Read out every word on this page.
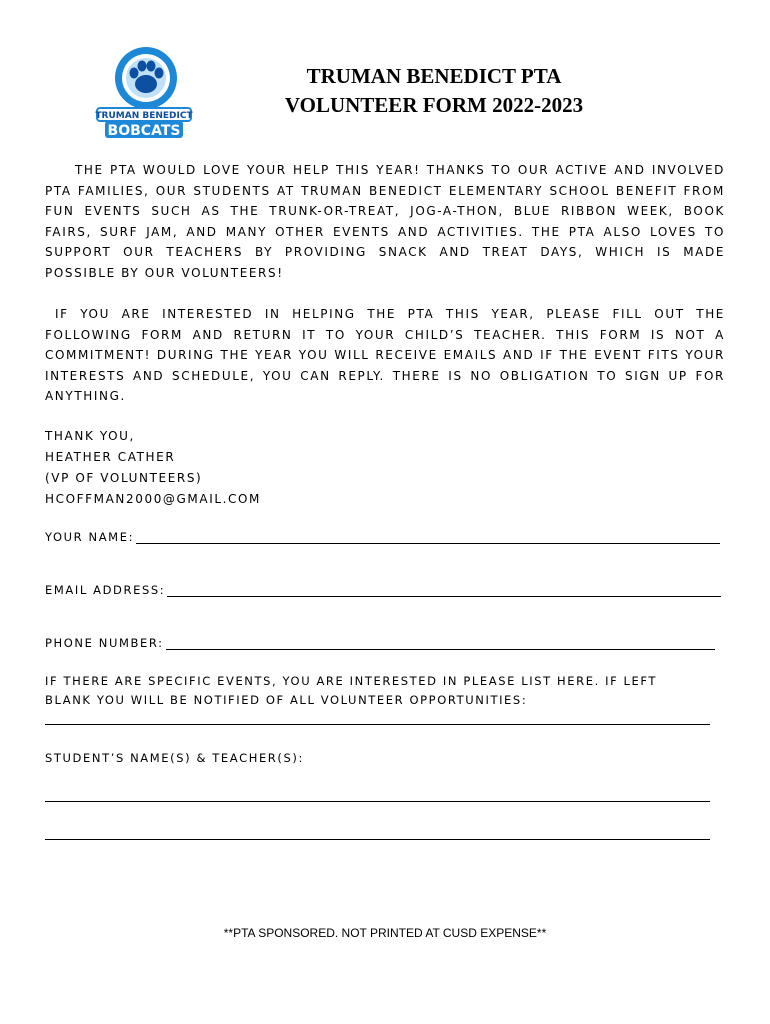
TRUMAN BENEDICT
BOBCATS
TRUMAN BENEDICT PTA
VOLUNTEER FORM 2022-2023
THE PTA WOULD LOVE YOUR HELP THIS YEAR! THANKS TO OUR ACTIVE AND INVOLVED PTA FAMILIES, OUR STUDENTS AT TRUMAN BENEDICT ELEMENTARY SCHOOL BENEFIT FROM FUN EVENTS SUCH AS THE TRUNK-OR-TREAT, JOG-A-THON, BLUE RIBBON WEEK, BOOK FAIRS, SURF JAM, AND MANY OTHER EVENTS AND ACTIVITIES. THE PTA ALSO LOVES TO SUPPORT OUR TEACHERS BY PROVIDING SNACK AND TREAT DAYS, WHICH IS MADE POSSIBLE BY OUR VOLUNTEERS!
IF YOU ARE INTERESTED IN HELPING THE PTA THIS YEAR, PLEASE FILL OUT THE FOLLOWING FORM AND RETURN IT TO YOUR CHILD’S TEACHER. THIS FORM IS NOT A COMMITMENT! DURING THE YEAR YOU WILL RECEIVE EMAILS AND IF THE EVENT FITS YOUR INTERESTS AND SCHEDULE, YOU CAN REPLY. THERE IS NO OBLIGATION TO SIGN UP FOR ANYTHING.
THANK YOU,
HEATHER CATHER
(VP OF VOLUNTEERS)
HCOFFMAN2000@GMAIL.COM
YOUR NAME:
EMAIL ADDRESS:
PHONE NUMBER:
IF THERE ARE SPECIFIC EVENTS, YOU ARE INTERESTED IN PLEASE LIST HERE. IF LEFT BLANK YOU WILL BE NOTIFIED OF ALL VOLUNTEER OPPORTUNITIES:
STUDENT’S NAME(S) & TEACHER(S):
**PTA SPONSORED. NOT PRINTED AT CUSD EXPENSE**
